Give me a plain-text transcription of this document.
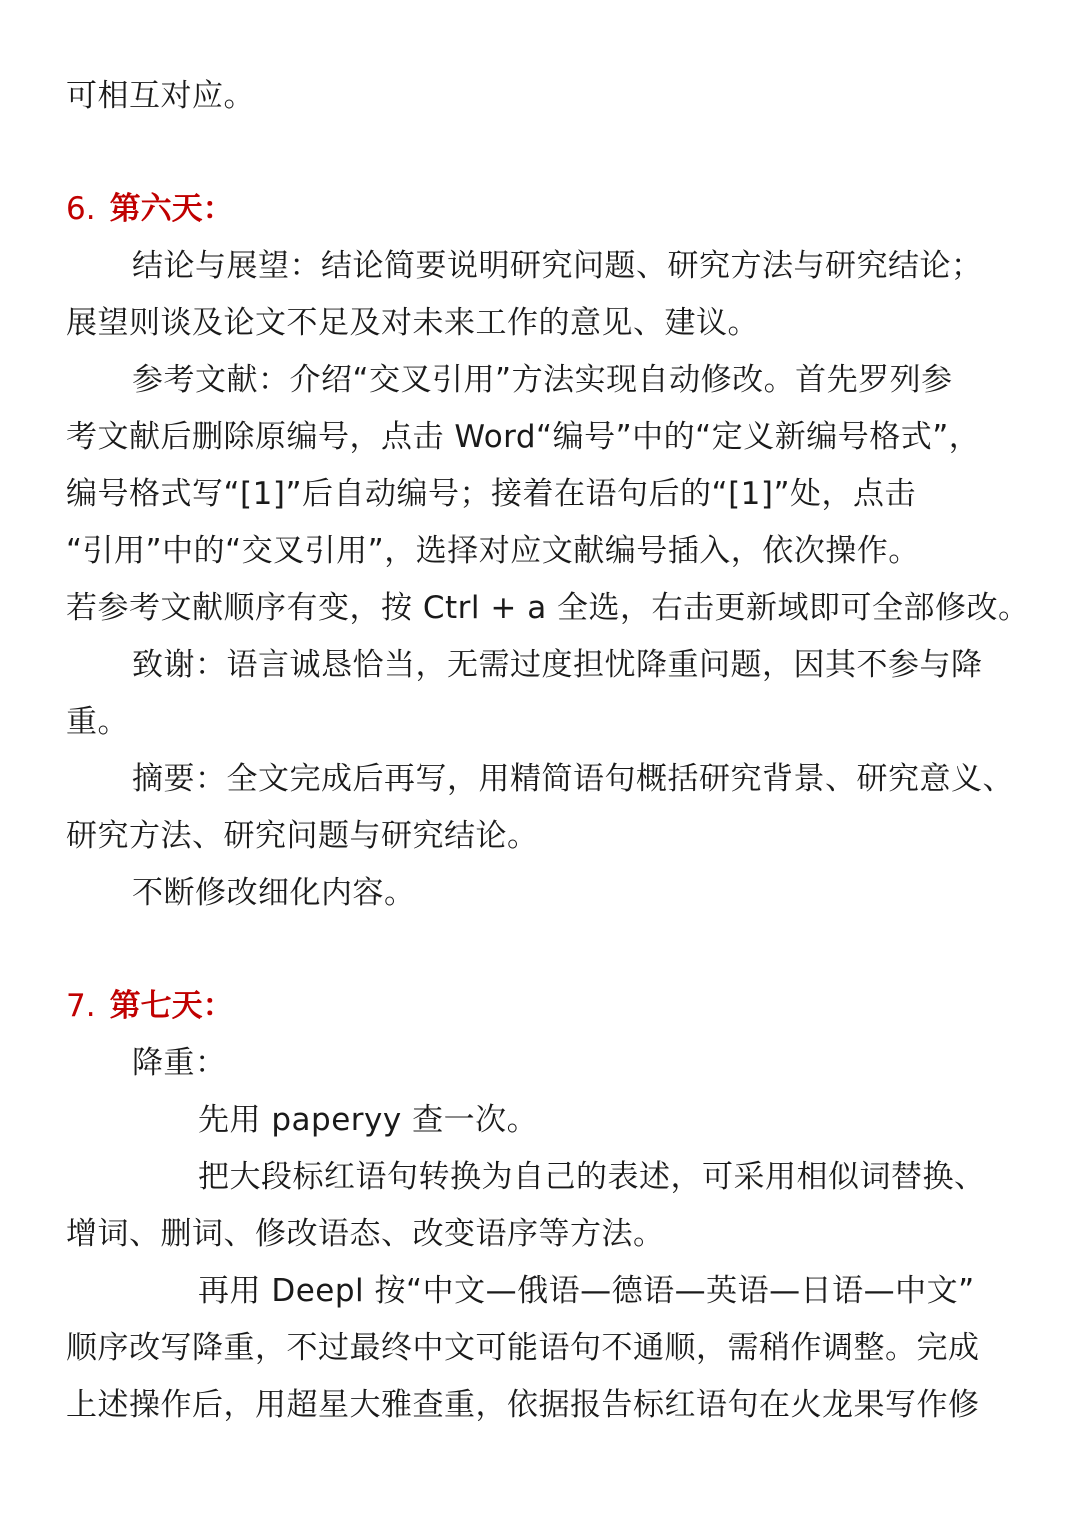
可相互对应。
6. 第六天：
结论与展望：结论简要说明研究问题、研究方法与研究结论；
展望则谈及论文不足及对未来工作的意见、建议。
参考文献：介绍“交叉引用”方法实现自动修改。首先罗列参
考文献后删除原编号，点击 Word“编号”中的“定义新编号格式”，
编号格式写“[1]”后自动编号；接着在语句后的“[1]”处，点击
“引用”中的“交叉引用”，选择对应文献编号插入，依次操作。
若参考文献顺序有变，按 Ctrl + a 全选，右击更新域即可全部修改。
致谢：语言诚恳恰当，无需过度担忧降重问题，因其不参与降
重。
摘要：全文完成后再写，用精简语句概括研究背景、研究意义、
研究方法、研究问题与研究结论。
不断修改细化内容。
7. 第七天：
降重：
先用 paperyy 查一次。
把大段标红语句转换为自己的表述，可采用相似词替换、
增词、删词、修改语态、改变语序等方法。
再用 Deepl 按“中文—俄语—德语—英语—日语—中文”
顺序改写降重，不过最终中文可能语句不通顺，需稍作调整。完成
上述操作后，用超星大雅查重，依据报告标红语句在火龙果写作修
